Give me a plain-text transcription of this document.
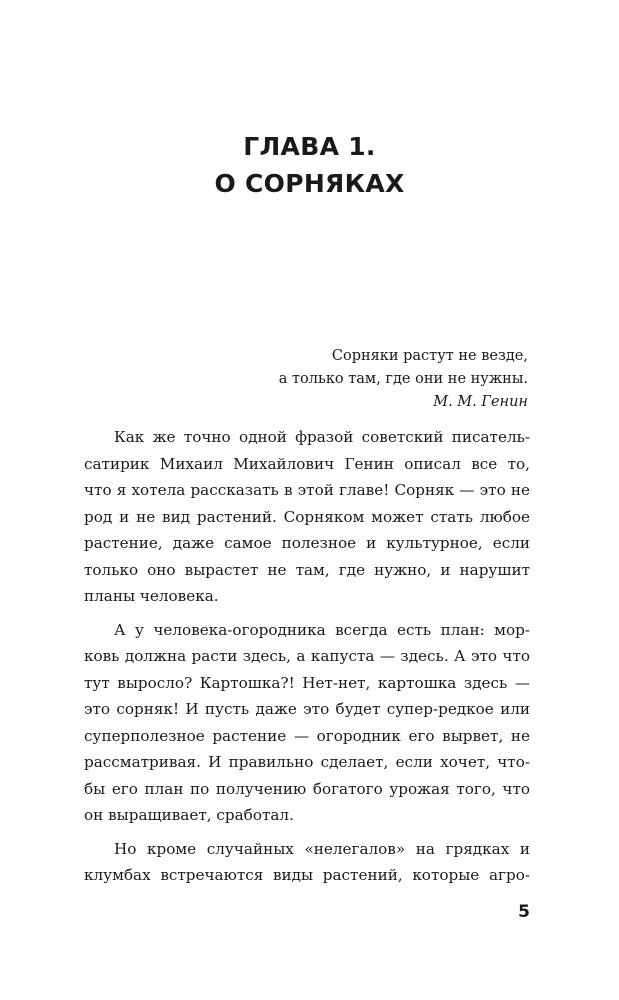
ГЛАВА 1.
О СОРНЯКАХ
Сорняки растут не везде,
а только там, где они не нужны.
М. М. Генин

Как же точно одной фразой советский писатель-
сатирик Михаил Михайлович Генин описал все то,
что я хотела рассказать в этой главе! Сорняк — это не
род и не вид растений. Сорняком может стать любое
растение, даже самое полезное и культурное, если
только оно вырастет не там, где нужно, и нарушит
планы человека.

А у человека-огородника всегда есть план: мор-
ковь должна расти здесь, а капуста — здесь. А это что
тут выросло? Картошка?! Нет-нет, картошка здесь —
это сорняк! И пусть даже это будет супер-редкое или
суперполезное растение — огородник его вырвет, не
рассматривая. И правильно сделает, если хочет, что-
бы его план по получению богатого урожая того, что
он выращивает, сработал.

Но кроме случайных «нелегалов» на грядках и
клумбах встречаются виды растений, которые агро-

5
